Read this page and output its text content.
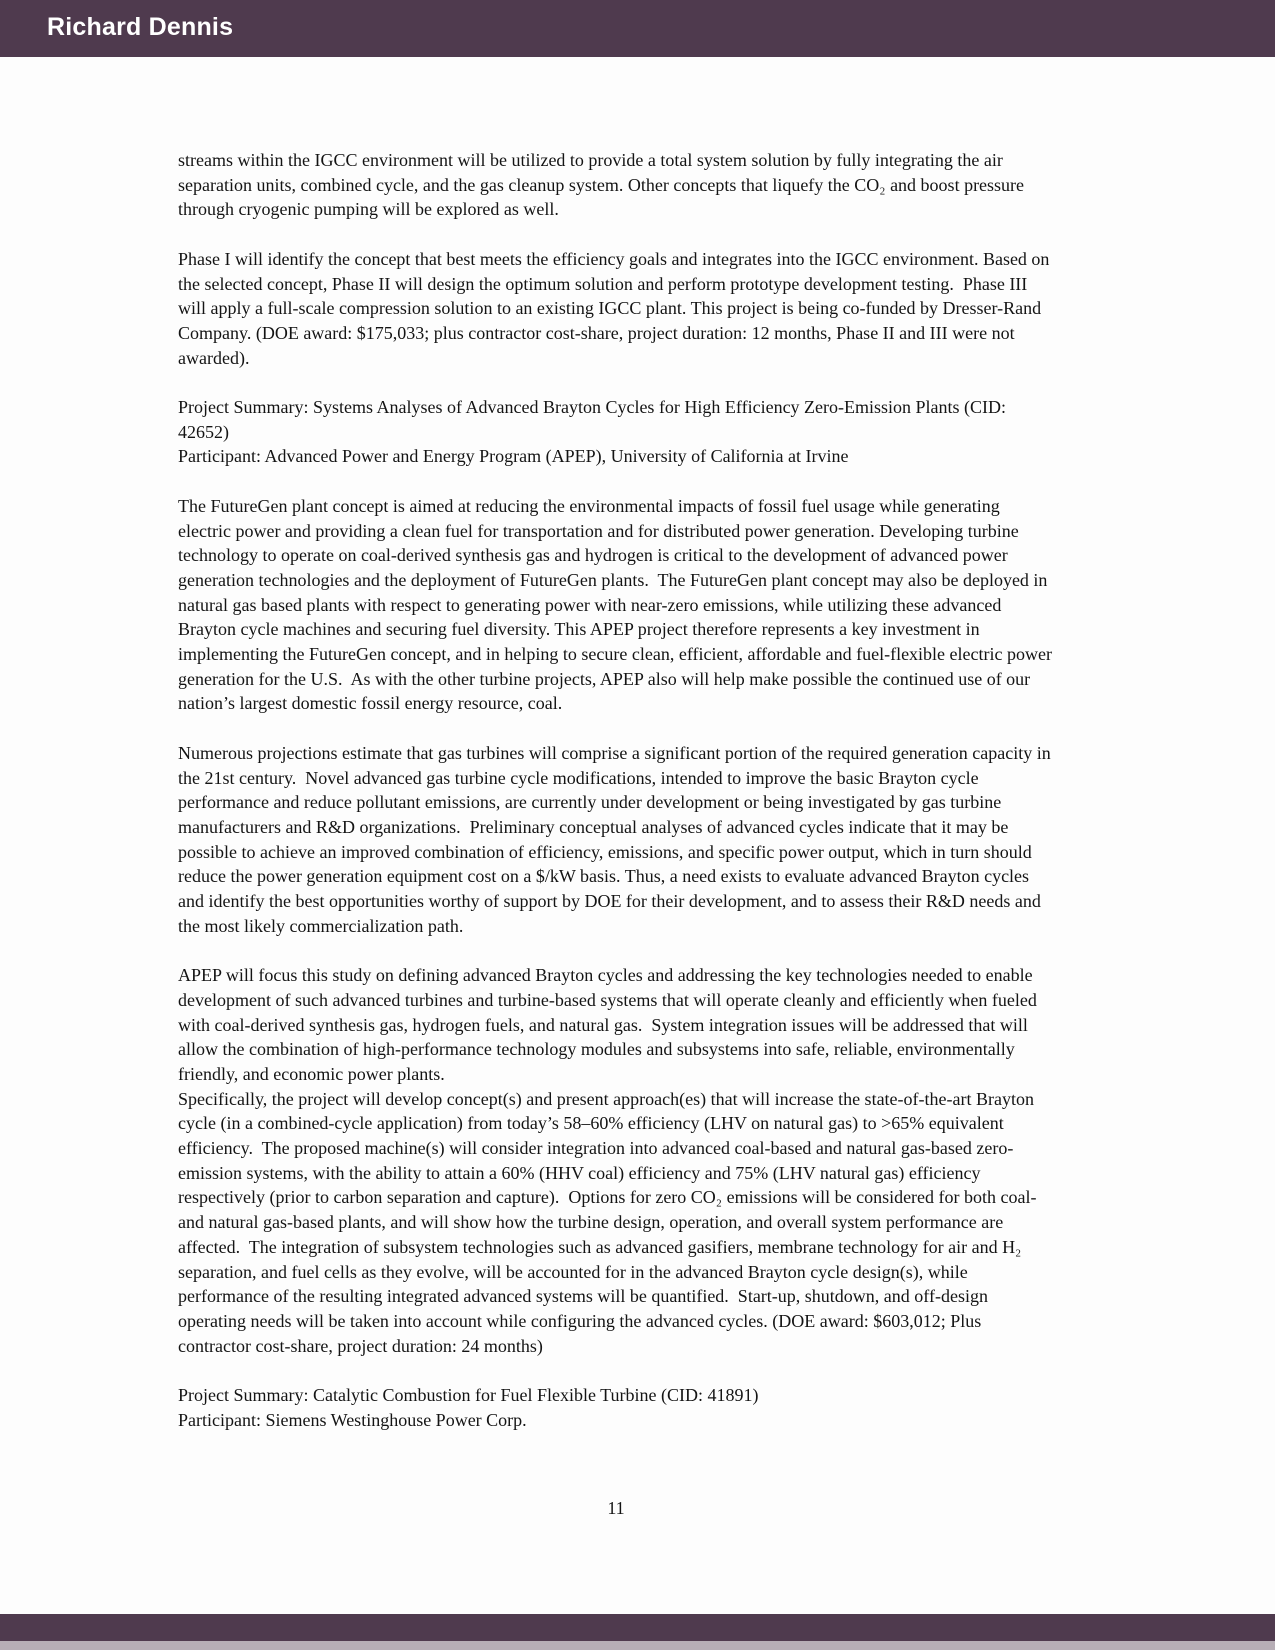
Richard Dennis

streams within the IGCC environment will be utilized to provide a total system solution by fully integrating the air separation units, combined cycle, and the gas cleanup system. Other concepts that liquefy the CO₂ and boost pressure through cryogenic pumping will be explored as well.

Phase I will identify the concept that best meets the efficiency goals and integrates into the IGCC environment. Based on the selected concept, Phase II will design the optimum solution and perform prototype development testing.  Phase III will apply a full-scale compression solution to an existing IGCC plant. This project is being co-funded by Dresser-Rand Company. (DOE award: $175,033; plus contractor cost-share, project duration: 12 months, Phase II and III were not awarded).

Project Summary: Systems Analyses of Advanced Brayton Cycles for High Efficiency Zero-Emission Plants (CID: 42652)

Participant: Advanced Power and Energy Program (APEP), University of California at Irvine

The FutureGen plant concept is aimed at reducing the environmental impacts of fossil fuel usage while generating electric power and providing a clean fuel for transportation and for distributed power generation. Developing turbine technology to operate on coal-derived synthesis gas and hydrogen is critical to the development of advanced power generation technologies and the deployment of FutureGen plants.  The FutureGen plant concept may also be deployed in natural gas based plants with respect to generating power with near-zero emissions, while utilizing these advanced Brayton cycle machines and securing fuel diversity. This APEP project therefore represents a key investment in implementing the FutureGen concept, and in helping to secure clean, efficient, affordable and fuel-flexible electric power generation for the U.S.  As with the other turbine projects, APEP also will help make possible the continued use of our nation’s largest domestic fossil energy resource, coal.

Numerous projections estimate that gas turbines will comprise a significant portion of the required generation capacity in the 21st century.  Novel advanced gas turbine cycle modifications, intended to improve the basic Brayton cycle performance and reduce pollutant emissions, are currently under development or being investigated by gas turbine manufacturers and R&D organizations.  Preliminary conceptual analyses of advanced cycles indicate that it may be possible to achieve an improved combination of efficiency, emissions, and specific power output, which in turn should reduce the power generation equipment cost on a $/kW basis. Thus, a need exists to evaluate advanced Brayton cycles and identify the best opportunities worthy of support by DOE for their development, and to assess their R&D needs and the most likely commercialization path.

APEP will focus this study on defining advanced Brayton cycles and addressing the key technologies needed to enable development of such advanced turbines and turbine-based systems that will operate cleanly and efficiently when fueled with coal-derived synthesis gas, hydrogen fuels, and natural gas.  System integration issues will be addressed that will allow the combination of high-performance technology modules and subsystems into safe, reliable, environmentally friendly, and economic power plants.

Specifically, the project will develop concept(s) and present approach(es) that will increase the state-of-the-art Brayton cycle (in a combined-cycle application) from today’s 58–60% efficiency (LHV on natural gas) to >65% equivalent efficiency.  The proposed machine(s) will consider integration into advanced coal-based and natural gas-based zero-emission systems, with the ability to attain a 60% (HHV coal) efficiency and 75% (LHV natural gas) efficiency respectively (prior to carbon separation and capture).  Options for zero CO₂ emissions will be considered for both coal- and natural gas-based plants, and will show how the turbine design, operation, and overall system performance are affected.  The integration of subsystem technologies such as advanced gasifiers, membrane technology for air and H₂ separation, and fuel cells as they evolve, will be accounted for in the advanced Brayton cycle design(s), while performance of the resulting integrated advanced systems will be quantified.  Start-up, shutdown, and off-design operating needs will be taken into account while configuring the advanced cycles. (DOE award: $603,012; Plus contractor cost-share, project duration: 24 months)

Project Summary: Catalytic Combustion for Fuel Flexible Turbine (CID: 41891)

Participant: Siemens Westinghouse Power Corp.

11
